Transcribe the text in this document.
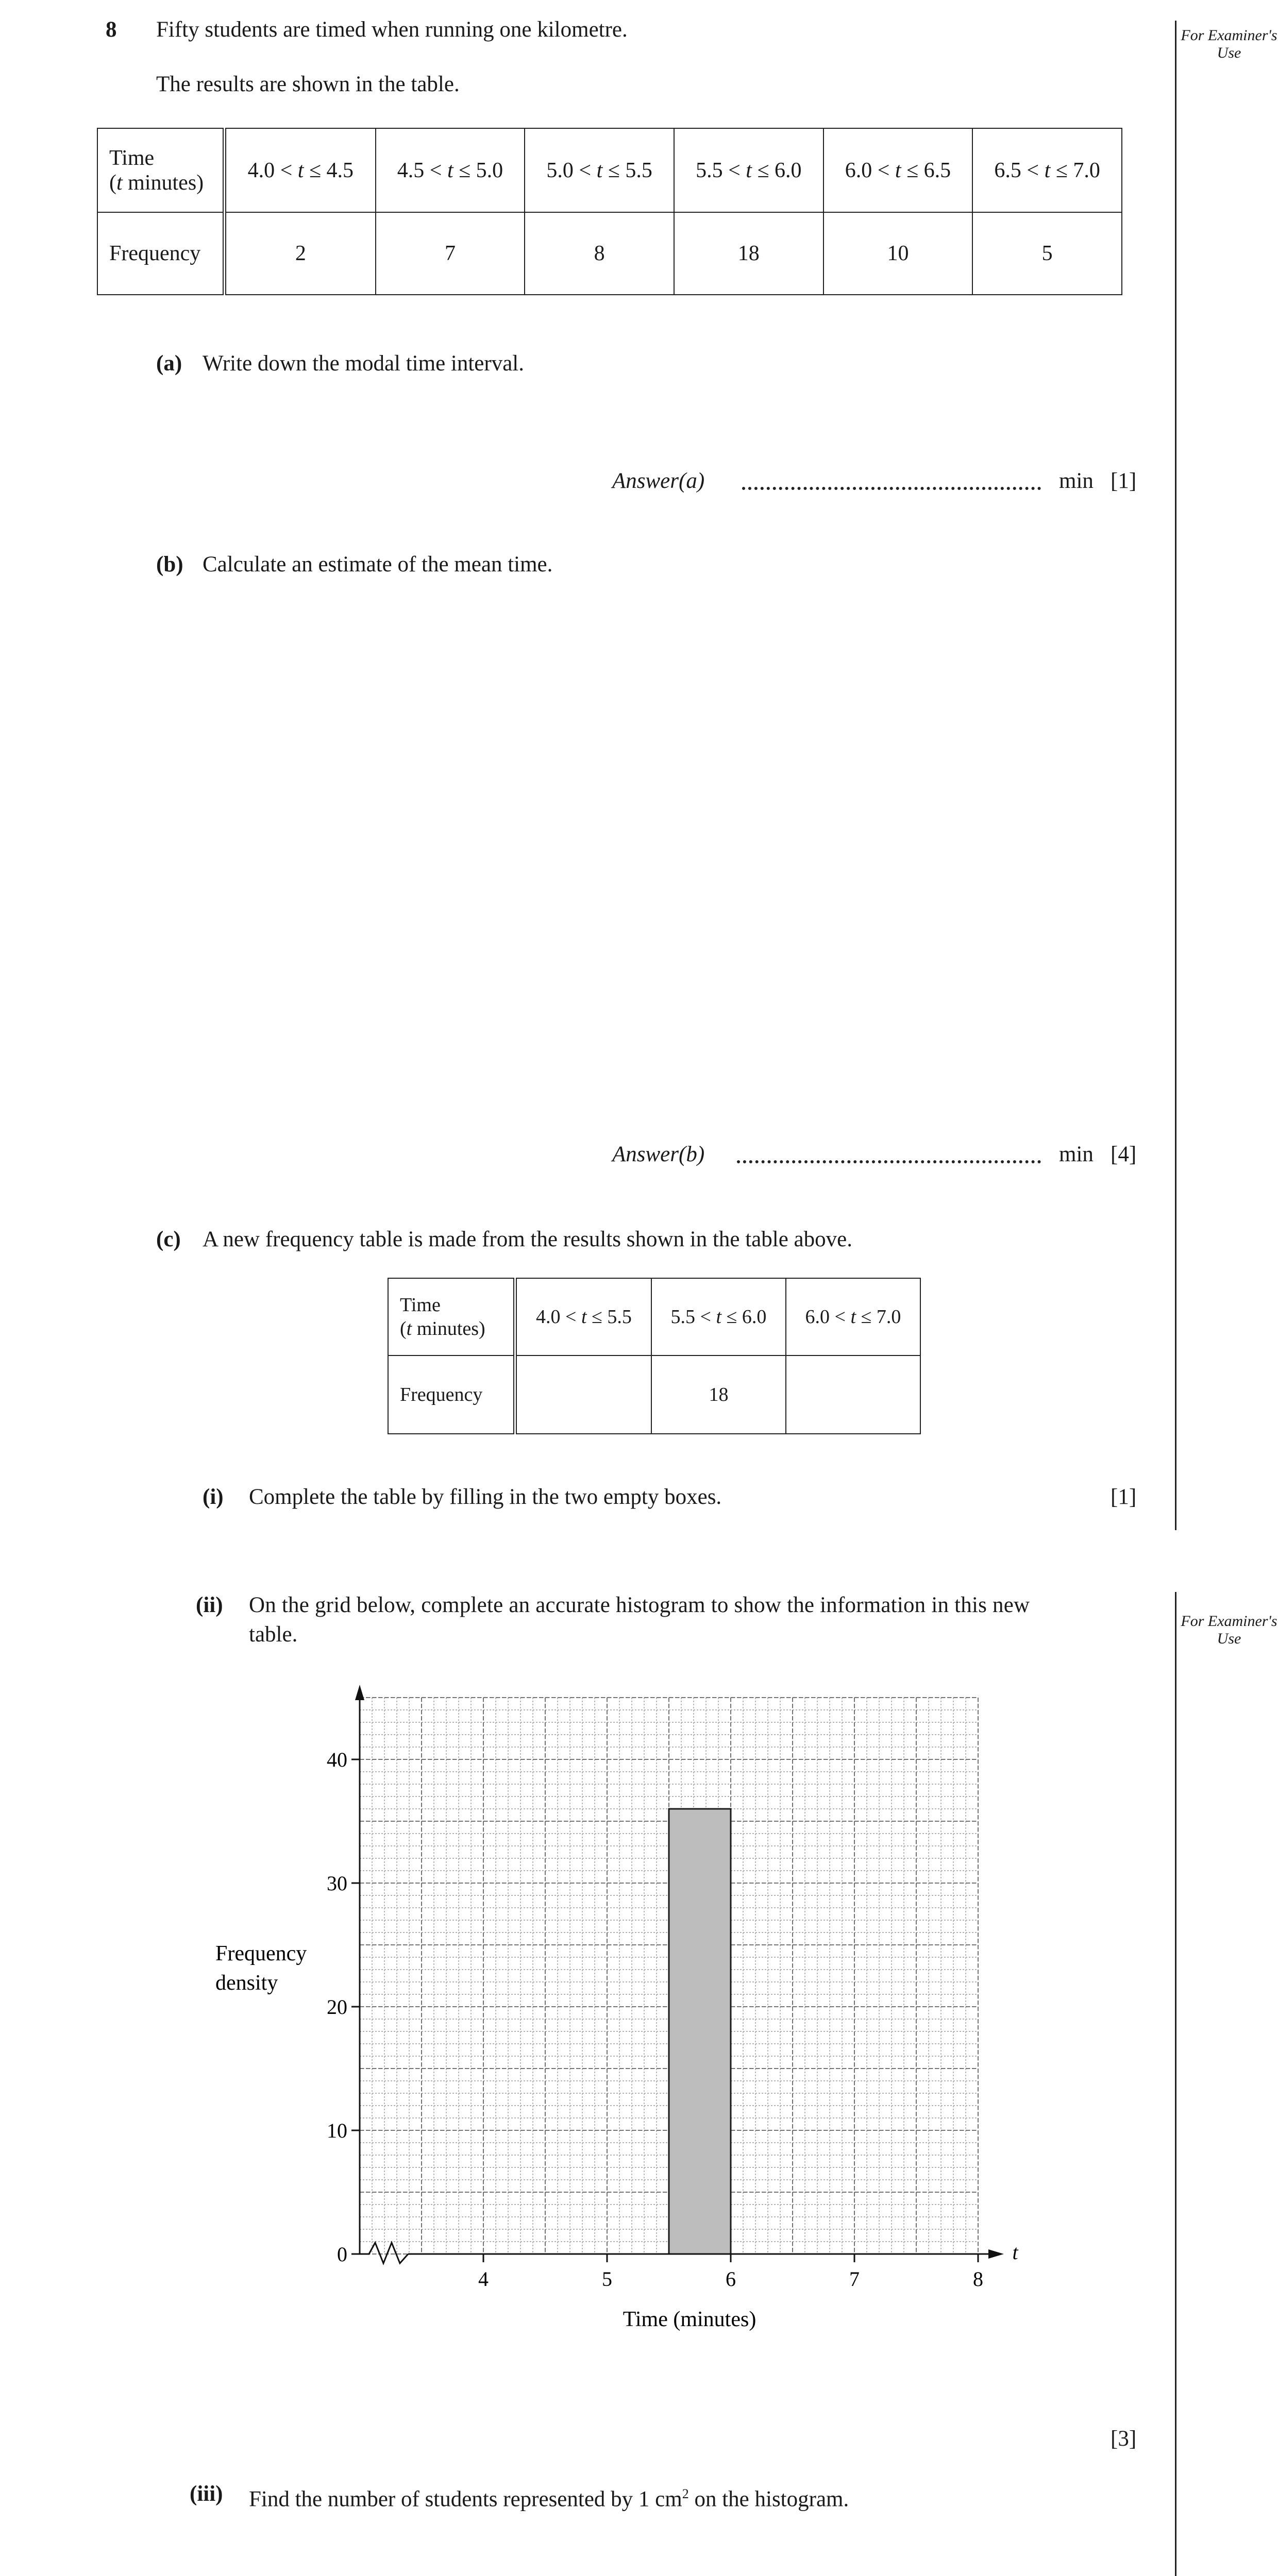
For Examiner's Use
For Examiner's Use
8 Fifty students are timed when running one kilometre.
The results are shown in the table.
Time
(t minutes)	4.0 < t ≤ 4.5	4.5 < t ≤ 5.0	5.0 < t ≤ 5.5	5.5 < t ≤ 6.0	6.0 < t ≤ 6.5	6.5 < t ≤ 7.0
Frequency	2	7	8	18	10	5
(a) Write down the modal time interval.
Answer(a)	min [1]
(b) Calculate an estimate of the mean time.
Answer(b)	min [4]
(c) A new frequency table is made from the results shown in the table above.
Time
(t minutes)	4.0 < t ≤ 5.5	5.5 < t ≤ 6.0	6.0 < t ≤ 7.0
Frequency		18	
(i) Complete the table by filling in the two empty boxes.	[1]
(ii) On the grid below, complete an accurate histogram to show the information in this new
table.
t
0
10
20
30
40
4	5	6	7	8
Time (minutes)
Frequency
density
[3]
(iii) Find the number of students represented by 1 $cm^2$ on the histogram.
